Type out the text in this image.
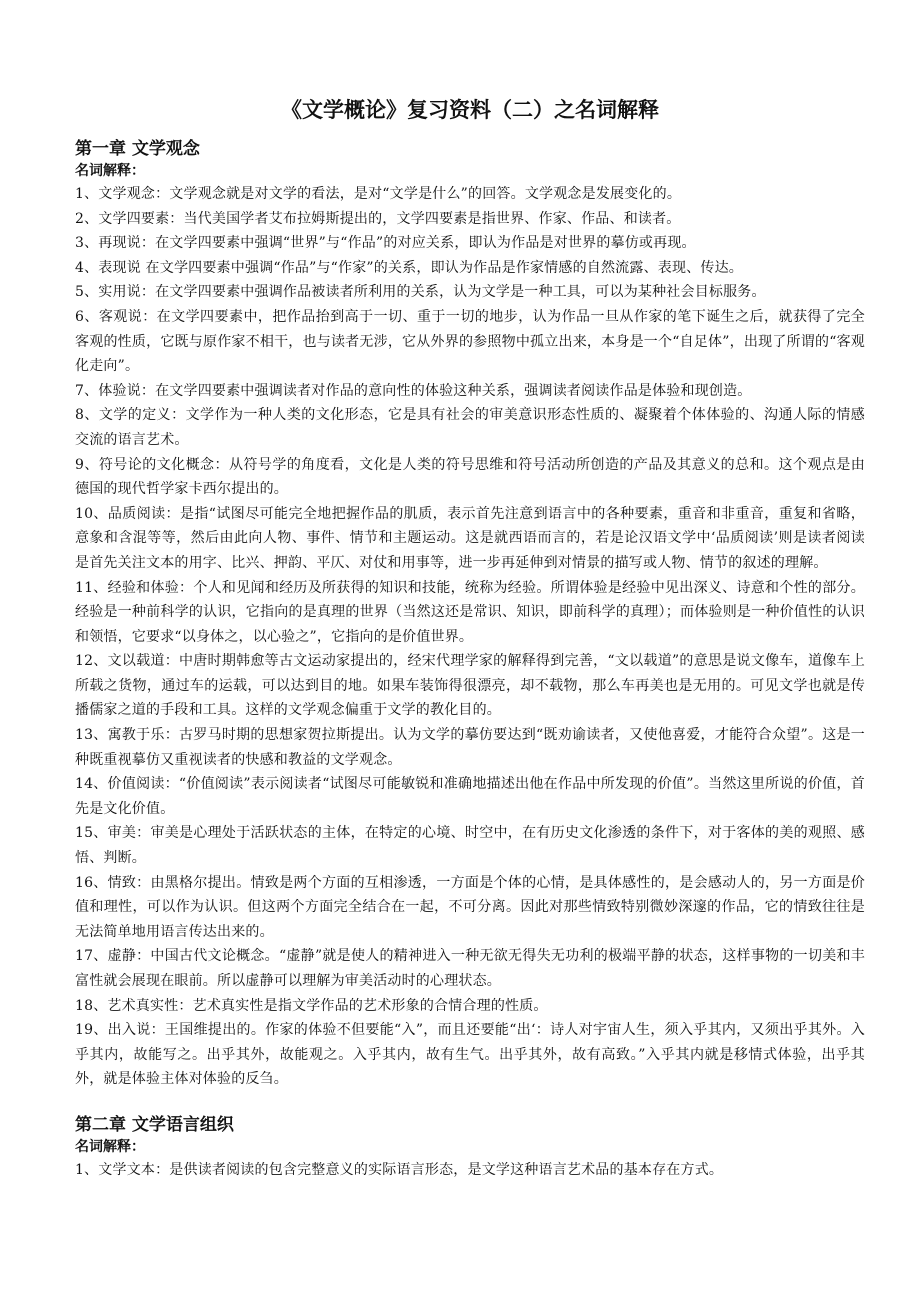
《文学概论》复习资料（二）之名词解释
第一章 文学观念

名词解释：

1、文学观念：文学观念就是对文学的看法，是对“文学是什么”的回答。文学观念是发展变化的。

2、文学四要素：当代美国学者艾布拉姆斯提出的，文学四要素是指世界、作家、作品、和读者。

3、再现说：在文学四要素中强调“世界”与“作品”的对应关系，即认为作品是对世界的摹仿或再现。

4、表现说 在文学四要素中强调“作品”与“作家”的关系，即认为作品是作家情感的自然流露、表现、传达。

5、实用说：在文学四要素中强调作品被读者所利用的关系，认为文学是一种工具，可以为某种社会目标服务。

6、客观说：在文学四要素中，把作品抬到高于一切、重于一切的地步，认为作品一旦从作家的笔下诞生之后，就获得了完全客观的性质，它既与原作家不相干，也与读者无涉，它从外界的参照物中孤立出来，本身是一个“自足体”，出现了所谓的“客观化走向”。

7、体验说：在文学四要素中强调读者对作品的意向性的体验这种关系，强调读者阅读作品是体验和现创造。

8、文学的定义：文学作为一种人类的文化形态，它是具有社会的审美意识形态性质的、凝聚着个体体验的、沟通人际的情感交流的语言艺术。

9、符号论的文化概念：从符号学的角度看，文化是人类的符号思维和符号活动所创造的产品及其意义的总和。这个观点是由德国的现代哲学家卡西尔提出的。

10、品质阅读：是指“试图尽可能完全地把握作品的肌质，表示首先注意到语言中的各种要素，重音和非重音，重复和省略，意象和含混等等，然后由此向人物、事件、情节和主题运动。这是就西语而言的，若是论汉语文学中‘品质阅读’则是读者阅读是首先关注文本的用字、比兴、押韵、平仄、对仗和用事等，进一步再延伸到对情景的描写或人物、情节的叙述的理解。

11、经验和体验：个人和见闻和经历及所获得的知识和技能，统称为经验。所谓体验是经验中见出深义、诗意和个性的部分。经验是一种前科学的认识，它指向的是真理的世界（当然这还是常识、知识，即前科学的真理）；而体验则是一种价值性的认识和领悟，它要求“以身体之，以心验之”，它指向的是价值世界。

12、文以载道：中唐时期韩愈等古文运动家提出的，经宋代理学家的解释得到完善，“文以载道”的意思是说文像车，道像车上所载之货物，通过车的运载，可以达到目的地。如果车装饰得很漂亮，却不载物，那么车再美也是无用的。可见文学也就是传播儒家之道的手段和工具。这样的文学观念偏重于文学的教化目的。

13、寓教于乐：古罗马时期的思想家贺拉斯提出。认为文学的摹仿要达到“既劝谕读者，又使他喜爱，才能符合众望”。这是一种既重视摹仿又重视读者的快感和教益的文学观念。

14、价值阅读：“价值阅读”表示阅读者“试图尽可能敏锐和准确地描述出他在作品中所发现的价值”。当然这里所说的价值，首先是文化价值。

15、审美：审美是心理处于活跃状态的主体，在特定的心境、时空中，在有历史文化渗透的条件下，对于客体的美的观照、感悟、判断。

16、情致：由黑格尔提出。情致是两个方面的互相渗透，一方面是个体的心情，是具体感性的，是会感动人的，另一方面是价值和理性，可以作为认识。但这两个方面完全结合在一起，不可分离。因此对那些情致特别微妙深邃的作品，它的情致往往是无法简单地用语言传达出来的。

17、虚静：中国古代文论概念。“虚静”就是使人的精神进入一种无欲无得失无功利的极端平静的状态，这样事物的一切美和丰富性就会展现在眼前。所以虚静可以理解为审美活动时的心理状态。

18、艺术真实性：艺术真实性是指文学作品的艺术形象的合情合理的性质。

19、出入说：王国维提出的。作家的体验不但要能“入”，而且还要能“出‘：诗人对宇宙人生，须入乎其内，又须出乎其外。入乎其内，故能写之。出乎其外，故能观之。入乎其内，故有生气。出乎其外，故有高致。”入乎其内就是移情式体验，出乎其外，就是体验主体对体验的反刍。

第二章 文学语言组织

名词解释：

1、文学文本：是供读者阅读的包含完整意义的实际语言形态，是文学这种语言艺术品的基本存在方式。
